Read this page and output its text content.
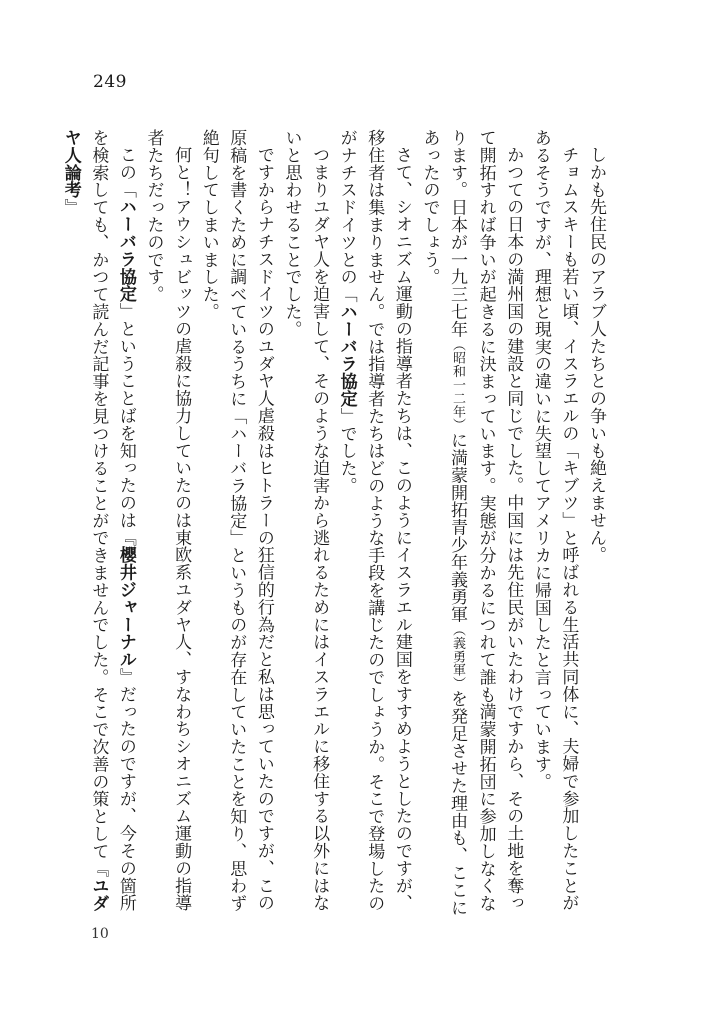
249

しかも先住民のアラブ人たちとの争いも絶えません。

チョムスキーも若い頃、イスラエルの「キブツ」と呼ばれる生活共同体に、夫婦で参加したことがあるそうですが、理想と現実の違いに失望してアメリカに帰国したと言っています。

かつての日本の満州国の建設と同じでした。中国には先住民がいたわけですから、その土地を奪って開拓すれば争いが起きるに決まっています。実態が分かるにつれて誰も満蒙開拓団に参加しなくなります。日本が一九三七年（昭和一二年）に満蒙開拓青少年義勇軍（義勇軍）を発足させた理由も、ここにあったのでしょう。

さて、シオニズム運動の指導者たちは、このようにイスラエル建国をすすめようとしたのですが、移住者は集まりません。では指導者たちはどのような手段を講じたのでしょうか。そこで登場したのがナチスドイツとの「ハーバラ協定」でした。

つまりユダヤ人を迫害して、そのような迫害から逃れるためにはイスラエルに移住する以外にはないと思わせることでした。

ですからナチスドイツのユダヤ人虐殺はヒトラーの狂信的行為だと私は思っていたのですが、この原稿を書くために調べているうちに「ハーバラ協定」というものが存在していたことを知り、思わず絶句してしまいました。

何と！アウシュビッツの虐殺に協力していたのは東欧系ユダヤ人、すなわちシオニズム運動の指導者たちだったのです。

この「ハーバラ協定」ということばを知ったのは『櫻井ジャーナル』だったのですが、今その箇所を検索しても、かつて読んだ記事を見つけることができませんでした。そこで次善の策として『ユダヤ人論考』

10
